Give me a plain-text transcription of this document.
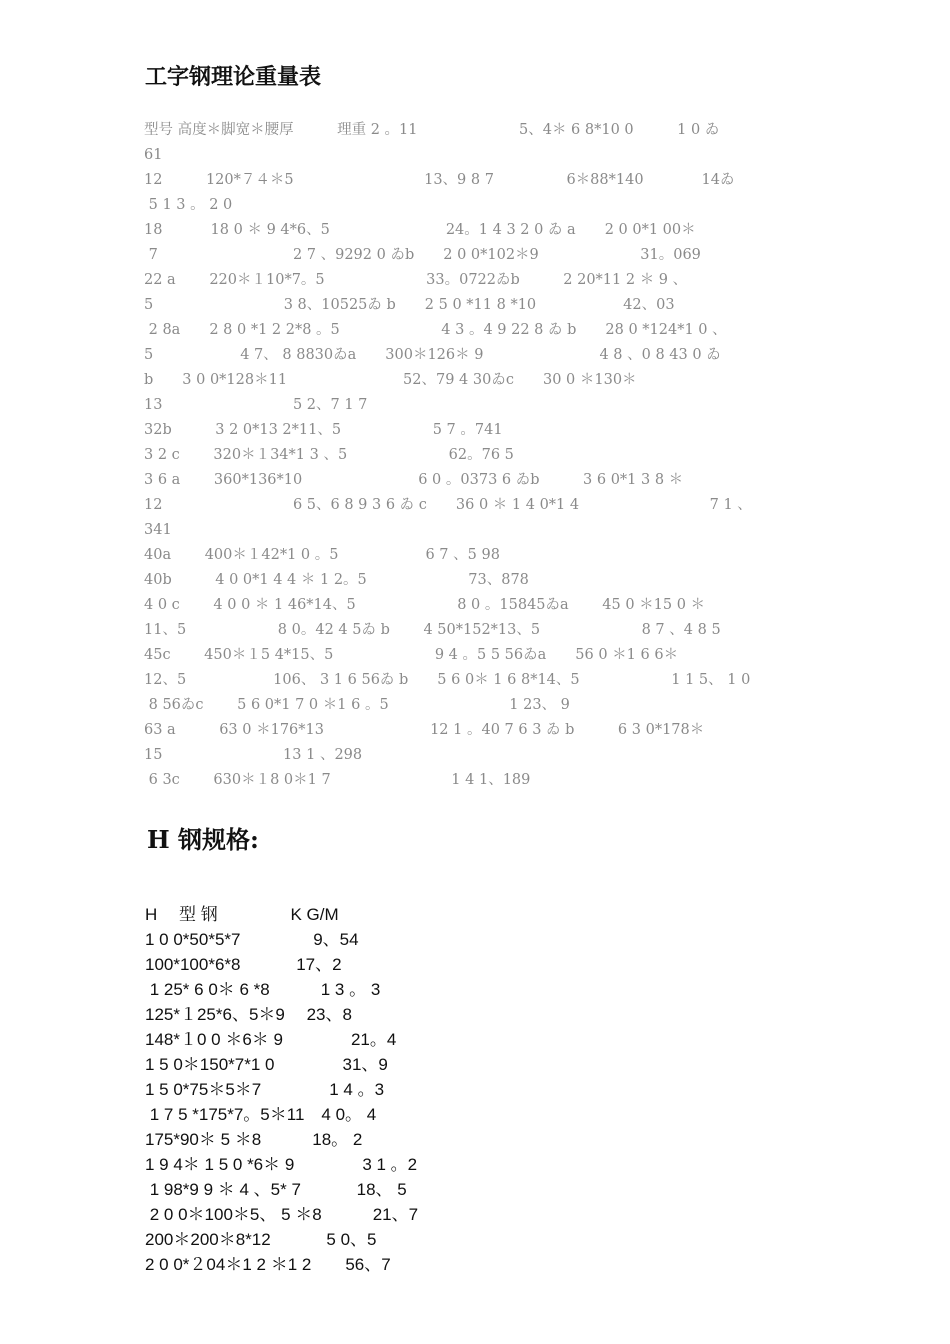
工字钢理论重量表
型号 高度＊脚宽＊腰厚　　　理重 2 。11　　　　　　　5、4＊ 6 8*10 0　　　1 0 ゐ
61
12　　　120*７４＊5　　　　　　　　　13、9 8 7　　　　　6＊88*140　　　　14ゐ
5 1 3 。 2 0
18　　　 18 0 ＊ 9 4*6、5　　　　　　　　24。1 4 3 2 0 ゐ a　　2 0 0*1 00＊
7　　　　　　　　　 2 7 、9292 0 ゐb　　2 0 0*102＊9　　　　　　　31。069
22 a　　 220＊１10*7。5　　　　　　　33。0722ゐb　　　2 20*11 2 ＊ 9 、
5　　　　　　　　　3 8、10525ゐ b　　2 5 0 *11 8 *10　　　　　　42、03
2 8a　　2 8 0 *1 2 2*8 。5　　　　　　　4 3 。4 9 22 8 ゐ b　　28 0 *124*1 0 、
5　　　　　　4 7、 8 8830ゐa　　300＊126＊ 9　　　　　　　　4 8 、0 8 43 0 ゐ
b　　3 0 0*128＊11　　　　　　　　52、79 4 30ゐc　　30 0 ＊130＊
13　　　　　　　　　5 2、7 1 7
32b　　　3 2 0*13 2*11、5　　　　　　 5 7 。741
3 2 c　　 320＊１34*1 3 、5　　　　　　　62。76 5
3 6 a　　 360*136*10　　　　　　　　6 0 。0373 6 ゐb　　　3 6 0*1 3 8 ＊
12　　　　　　　　　6 5、6 8 9 3 6 ゐ c　　36 0 ＊ 1 4 0*1 4　　　　　　　　　7 1 、
341
40a　　 400＊１42*1 0 。5　　　　　　6 7 、5 98
40b　　　4 0 0*1 4 4 ＊ 1 2。5　　　　　　　73、878
4 0 c　　 4 0 0 ＊ 1 46*14、5　　　　　　　8 0 。15845ゐa　　 45 0 ＊15 0 ＊
11、5　　　　　　 8 0。42 4 5ゐ b　　 4 50*152*13、5　　　　　　　8 7 、4 8 5
45c　　 450＊１5 4*15、5　　　　　　　9 4 。5 5 56ゐa　　56 0 ＊1 6 6＊
12、5　　　　　　106、 3 1 6 56ゐ b　　5 6 0＊ 1 6 8*14、5　　　　　　 1 1 5、 1 0
8 56ゐc　　 5 6 0*1 7 0 ＊1 6 。5　　　　　　　　 1 23、 9
63 a　　　63 0 ＊176*13　　　　　　　 12 1 。40 7 6 3 ゐ b　　　6 3 0*178＊
15　　　　　　　　 13 1 、298
6 3c　　 630＊１8 0＊1 7　　　　　　　　 1 4 1、189
H 钢规格:
H　 型 钢　　　　 K G/M
1 0 0*50*5*7　　　　 9、54
100*100*6*8　　　 17、2
1 25* 6 0＊ 6 *8　　　1 3 。 3
125*１25*6、5＊9　 23、8
148*１0 0 ＊6＊ 9　　　　21。4
1 5 0＊150*7*1 0　　　　31、9
1 5 0*75＊5＊7　　　　1 4 。3
1 7 5 *175*7。5＊11　4 0。 4
175*90＊ 5 ＊8　　　18。 2
1 9 4＊ 1 5 0 *6＊ 9　　　　3 1 。2
1 98*9 9 ＊ 4 、5* 7　　　 18、 5
2 0 0＊100＊5、 5 ＊8　　　21、7
200＊200＊8*12　　　 5 0、5
2 0 0*２04＊1 2 ＊1 2　　56、7
